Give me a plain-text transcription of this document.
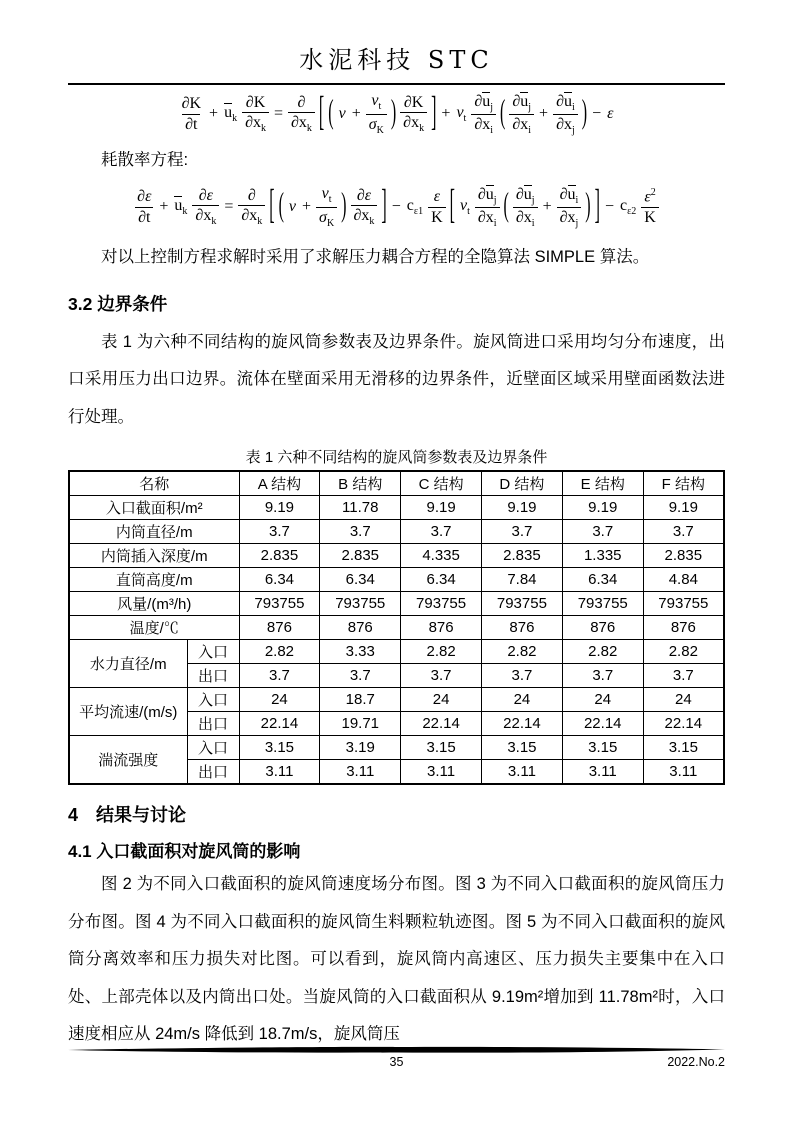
水泥科技 STC
$\frac{\partial K}{\partial t} + u_k \frac{\partial K}{\partial x_k} = \frac{\partial}{\partial x_k}$ [ ( $\nu + \frac{\nu_t}{\sigma_K}$ ) $\frac{\partial K}{\partial x_k}$ ] + $\nu_t \frac{\partial u_j}{\partial x_i}$ ( $\frac{\partial u_j}{\partial x_i} + \frac{\partial u_i}{\partial x_j}$ ) − ε

耗散率方程:

$\frac{\partial\varepsilon}{\partial t} + u_k \frac{\partial\varepsilon}{\partial x_k} = \frac{\partial}{\partial x_k}$ [ ( $\nu + \frac{\nu_t}{\sigma_K}$ ) $\frac{\partial\varepsilon}{\partial x_k}$ ] − $c_{\varepsilon 1} \frac{\varepsilon}{K}$ [ $\nu_t \frac{\partial u_j}{\partial x_i}$ ( $\frac{\partial u_j}{\partial x_i} + \frac{\partial u_i}{\partial x_j}$ ) ] − $c_{\varepsilon 2} \frac{\varepsilon^2}{K}$

对以上控制方程求解时采用了求解压力耦合方程的全隐算法 SIMPLE 算法。

3.2 边界条件

表 1 为六种不同结构的旋风筒参数表及边界条件。旋风筒进口采用均匀分布速度，出口采用压力出口边界。流体在壁面采用无滑移的边界条件，近壁面区域采用壁面函数法进行处理。

表 1 六种不同结构的旋风筒参数表及边界条件
名称		A 结构	B 结构	C 结构	D 结构	E 结构	F 结构
入口截面积/m²		9.19	11.78	9.19	9.19	9.19	9.19
内筒直径/m		3.7	3.7	3.7	3.7	3.7	3.7
内筒插入深度/m		2.835	2.835	4.335	2.835	1.335	2.835
直筒高度/m		6.34	6.34	6.34	7.84	6.34	4.84
风量/(m³/h)		793755	793755	793755	793755	793755	793755
温度/℃		876	876	876	876	876	876
水力直径/m	入口	2.82	3.33	2.82	2.82	2.82	2.82
	出口	3.7	3.7	3.7	3.7	3.7	3.7
平均流速/(m/s)	入口	24	18.7	24	24	24	24
	出口	22.14	19.71	22.14	22.14	22.14	22.14
湍流强度	入口	3.15	3.19	3.15	3.15	3.15	3.15
	出口	3.11	3.11	3.11	3.11	3.11	3.11
4　结果与讨论
4.1 入口截面积对旋风筒的影响

图 2 为不同入口截面积的旋风筒速度场分布图。图 3 为不同入口截面积的旋风筒压力分布图。图 4 为不同入口截面积的旋风筒生料颗粒轨迹图。图 5 为不同入口截面积的旋风筒分离效率和压力损失对比图。可以看到，旋风筒内高速区、压力损失主要集中在入口处、上部壳体以及内筒出口处。当旋风筒的入口截面积从 9.19m²增加到 11.78m²时，入口速度相应从 24m/s 降低到 18.7m/s，旋风筒压

35	2022.No.2
